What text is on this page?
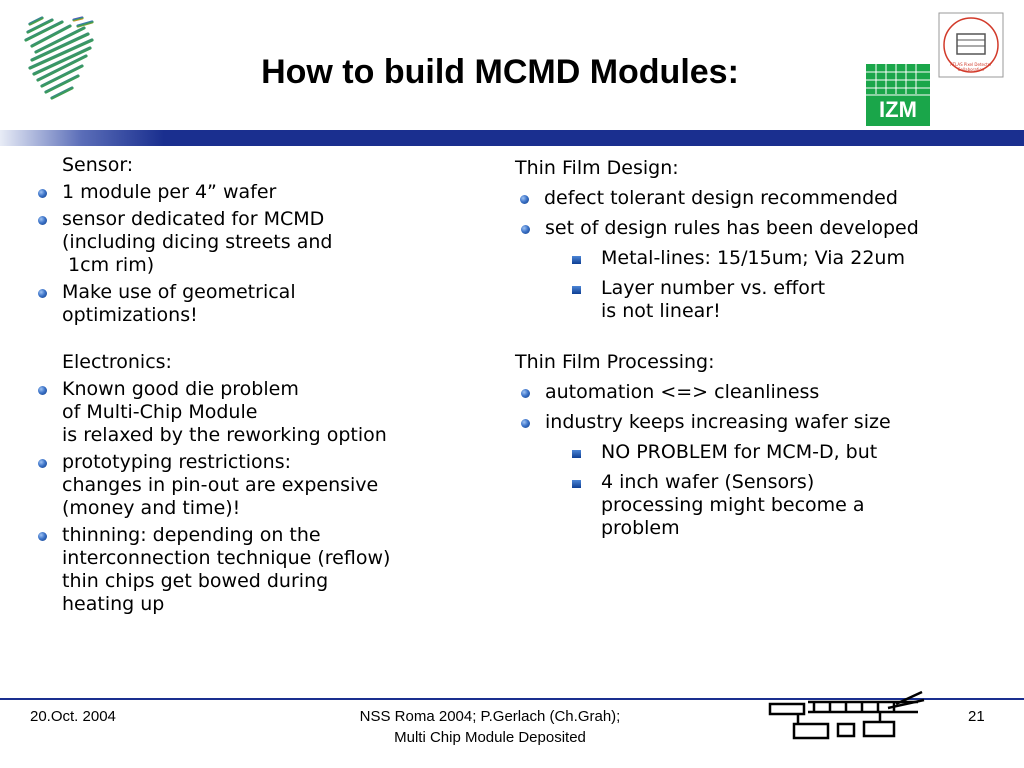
How to build MCMD Modules:
IZM
ATLAS Pixel Detector Collaboration

Sensor:

1 module per 4” wafer
sensor dedicated for MCMD
(including dicing streets and
1cm rim)
Make use of geometrical
optimizations!

Electronics:

Known good die problem
of Multi-Chip Module
is relaxed by the reworking option
prototyping restrictions:
changes in pin-out are expensive
(money and time)!
thinning: depending on the
interconnection technique (reflow)
thin chips get bowed during
heating up

Thin Film Design:

defect tolerant design recommended
set of design rules has been developed
Metal-lines: 15/15um; Via 22um
Layer number vs. effort
is not linear!

Thin Film Processing:

automation <=> cleanliness
industry keeps increasing wafer size
NO PROBLEM for MCM-D, but
4 inch wafer (Sensors)
processing might become a
problem
20.Oct. 2004	NSS Roma 2004; P.Gerlach (Ch.Grah);
Multi Chip Module Deposited
21
